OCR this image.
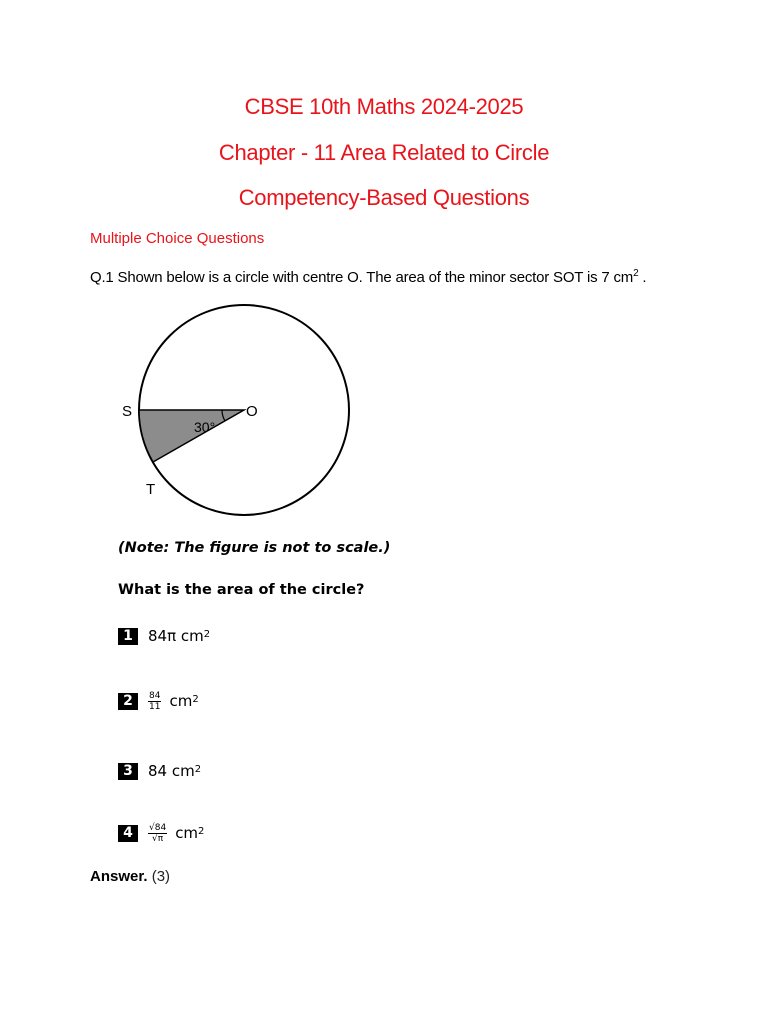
CBSE 10th Maths 2024-2025
Chapter - 11 Area Related to Circle
Competency-Based Questions
Multiple Choice Questions
Q.1 Shown below is a circle with centre O. The area of the minor sector SOT is 7 $cm^2$ .
30°
S	O
T
(Note: The figure is not to scale.)
What is the area of the circle?
1	84π $cm^2$
2	$\frac{84}{11} cm^2$
3	84 $cm^2$
4	$\frac{√84}{√\pi} cm^2$
Answer. (3)
